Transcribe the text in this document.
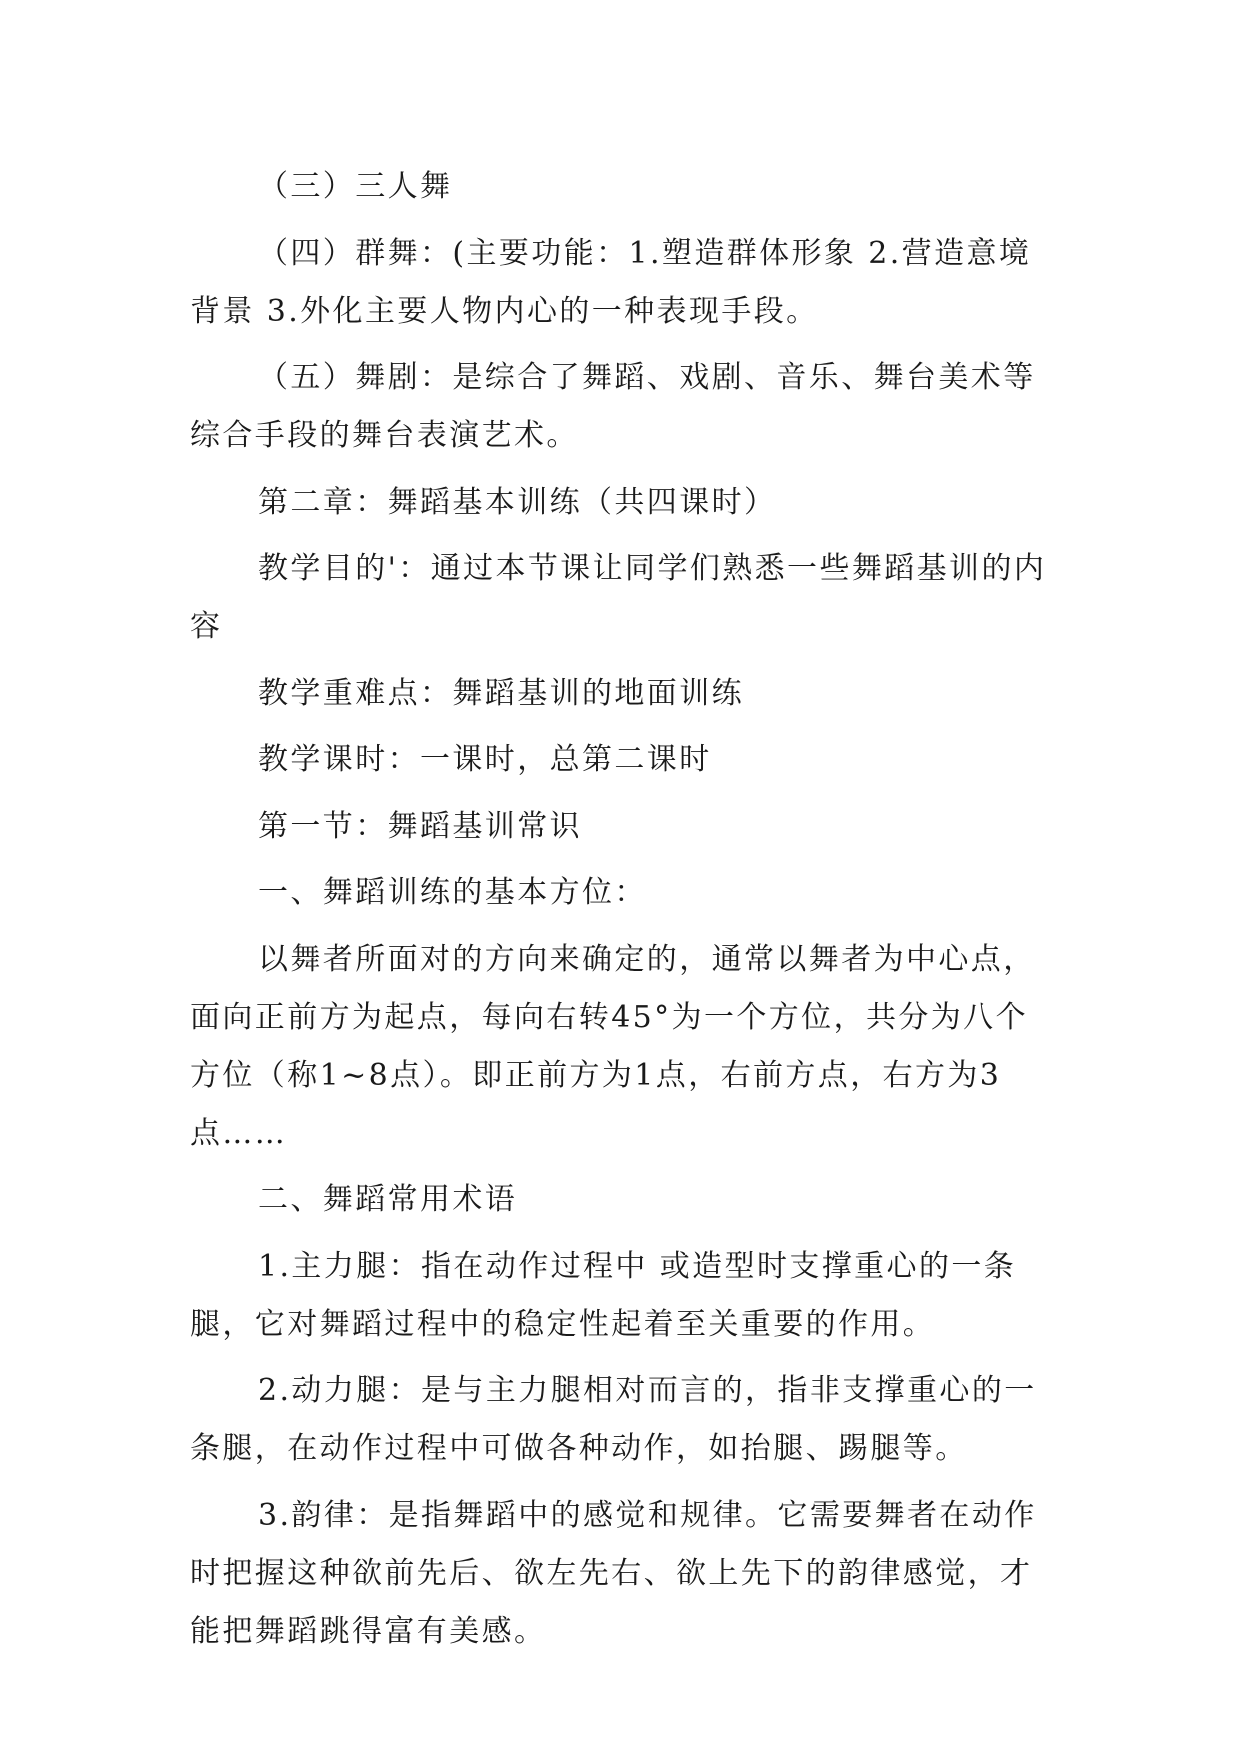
（三）三人舞

（四）群舞：(主要功能：1.塑造群体形象 2.营造意境背景 3.外化主要人物内心的一种表现手段。

（五）舞剧：是综合了舞蹈、戏剧、音乐、舞台美术等综合手段的舞台表演艺术。

第二章：舞蹈基本训练（共四课时）

教学目的'：通过本节课让同学们熟悉一些舞蹈基训的内容

教学重难点：舞蹈基训的地面训练

教学课时：一课时，总第二课时

第一节：舞蹈基训常识

一、舞蹈训练的基本方位：

以舞者所面对的方向来确定的，通常以舞者为中心点，面向正前方为起点，每向右转45°为一个方位，共分为八个方位（称1~8点）。即正前方为1点，右前方点，右方为3点……

二、舞蹈常用术语

1.主力腿：指在动作过程中 或造型时支撑重心的一条腿，它对舞蹈过程中的稳定性起着至关重要的作用。

2.动力腿：是与主力腿相对而言的，指非支撑重心的一条腿，在动作过程中可做各种动作，如抬腿、踢腿等。

3.韵律：是指舞蹈中的感觉和规律。它需要舞者在动作时把握这种欲前先后、欲左先右、欲上先下的韵律感觉，才能把舞蹈跳得富有美感。
